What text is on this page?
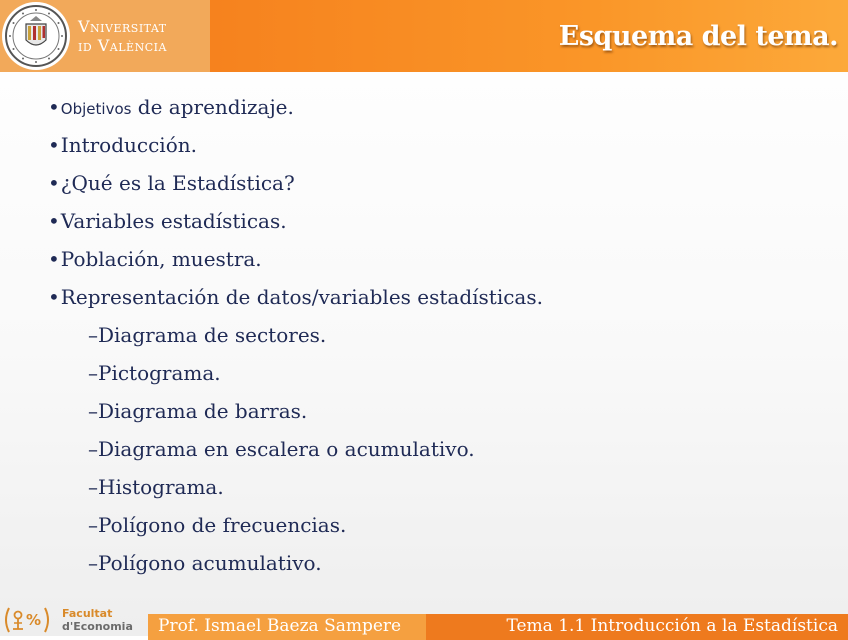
Vniversitat
id València	Esquema del tema.
•Objetivos de aprendizaje.
•Introducción.
•¿Qué es la Estadística?
•Variables estadísticas.
•Población, muestra.
•Representación de datos/variables estadísticas.
–Diagrama de sectores.
–Pictograma.
–Diagrama de barras.
–Diagrama en escalera o acumulativo.
–Histograma.
–Polígono de frecuencias.
–Polígono acumulativo.
% Facultat
d'Economia	Prof. Ismael Baeza Sampere	Tema 1.1 Introducción a la Estadística
